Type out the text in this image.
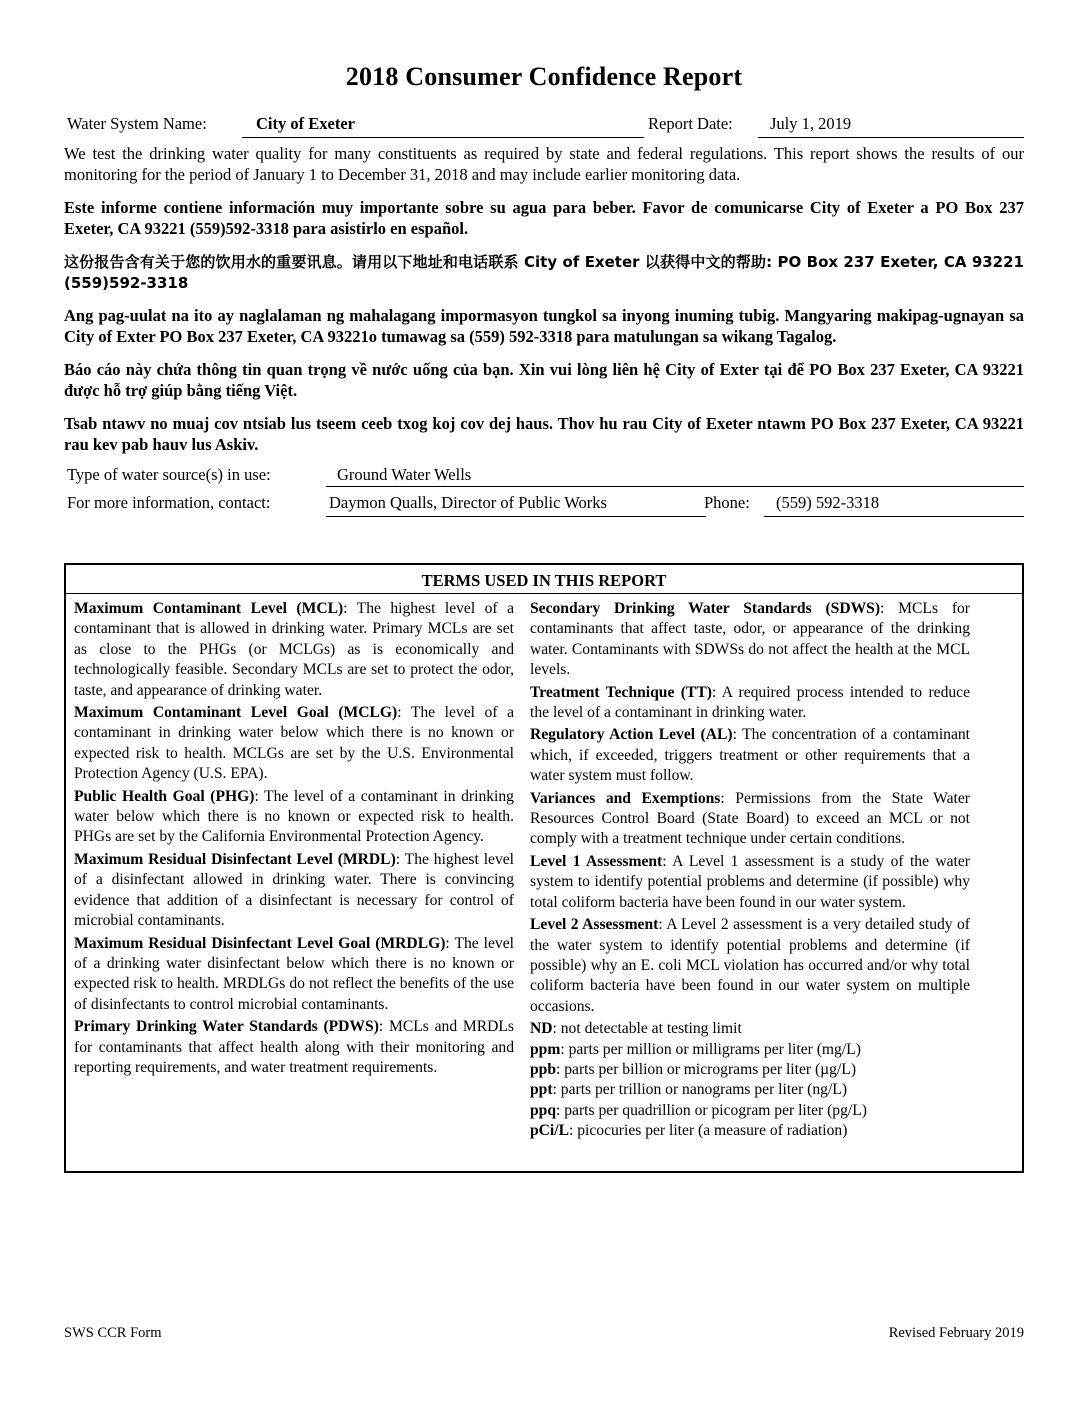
2018 Consumer Confidence Report
Water System Name:	City of Exeter	Report Date: July 1, 2019

We test the drinking water quality for many constituents as required by state and federal regulations. This report shows the results of our monitoring for the period of January 1 to December 31, 2018 and may include earlier monitoring data.

Este informe contiene información muy importante sobre su agua para beber. Favor de comunicarse City of Exeter a PO Box 237 Exeter, CA 93221 (559)592-3318 para asistirlo en español.

这份报告含有关于您的饮用水的重要讯息。请用以下地址和电话联系 City of Exeter 以获得中文的帮助: PO Box 237 Exeter, CA 93221 (559)592-3318

Ang pag-uulat na ito ay naglalaman ng mahalagang impormasyon tungkol sa inyong inuming tubig. Mangyaring makipag-ugnayan sa City of Exter PO Box 237 Exeter, CA 93221o tumawag sa (559) 592-3318 para matulungan sa wikang Tagalog.

Báo cáo này chứa thông tin quan trọng về nước uống của bạn. Xin vui lòng liên hệ City of Exter tại để PO Box 237 Exeter, CA 93221 được hỗ trợ giúp bằng tiếng Việt.

Tsab ntawv no muaj cov ntsiab lus tseem ceeb txog koj cov dej haus. Thov hu rau City of Exeter ntawm PO Box 237 Exeter, CA 93221 rau kev pab hauv lus Askiv.

Type of water source(s) in use:	Ground Water Wells
For more information, contact:	Daymon Qualls, Director of Public Works	Phone: (559) 592-3318
TERMS USED IN THIS REPORT

Maximum Contaminant Level (MCL): The highest level of a contaminant that is allowed in drinking water. Primary MCLs are set as close to the PHGs (or MCLGs) as is economically and technologically feasible. Secondary MCLs are set to protect the odor, taste, and appearance of drinking water.

Maximum Contaminant Level Goal (MCLG): The level of a contaminant in drinking water below which there is no known or expected risk to health. MCLGs are set by the U.S. Environmental Protection Agency (U.S. EPA).

Public Health Goal (PHG): The level of a contaminant in drinking water below which there is no known or expected risk to health. PHGs are set by the California Environmental Protection Agency.

Maximum Residual Disinfectant Level (MRDL): The highest level of a disinfectant allowed in drinking water. There is convincing evidence that addition of a disinfectant is necessary for control of microbial contaminants.

Maximum Residual Disinfectant Level Goal (MRDLG): The level of a drinking water disinfectant below which there is no known or expected risk to health. MRDLGs do not reflect the benefits of the use of disinfectants to control microbial contaminants.

Primary Drinking Water Standards (PDWS): MCLs and MRDLs for contaminants that affect health along with their monitoring and reporting requirements, and water treatment requirements.

Secondary Drinking Water Standards (SDWS): MCLs for contaminants that affect taste, odor, or appearance of the drinking water. Contaminants with SDWSs do not affect the health at the MCL levels.

Treatment Technique (TT): A required process intended to reduce the level of a contaminant in drinking water.

Regulatory Action Level (AL): The concentration of a contaminant which, if exceeded, triggers treatment or other requirements that a water system must follow.

Variances and Exemptions: Permissions from the State Water Resources Control Board (State Board) to exceed an MCL or not comply with a treatment technique under certain conditions.

Level 1 Assessment: A Level 1 assessment is a study of the water system to identify potential problems and determine (if possible) why total coliform bacteria have been found in our water system.

Level 2 Assessment: A Level 2 assessment is a very detailed study of the water system to identify potential problems and determine (if possible) why an E. coli MCL violation has occurred and/or why total coliform bacteria have been found in our water system on multiple occasions.

ND: not detectable at testing limit

ppm: parts per million or milligrams per liter (mg/L)

ppb: parts per billion or micrograms per liter (µg/L)

ppt: parts per trillion or nanograms per liter (ng/L)

ppq: parts per quadrillion or picogram per liter (pg/L)

pCi/L: picocuries per liter (a measure of radiation)

SWS CCR Form	Revised February 2019
